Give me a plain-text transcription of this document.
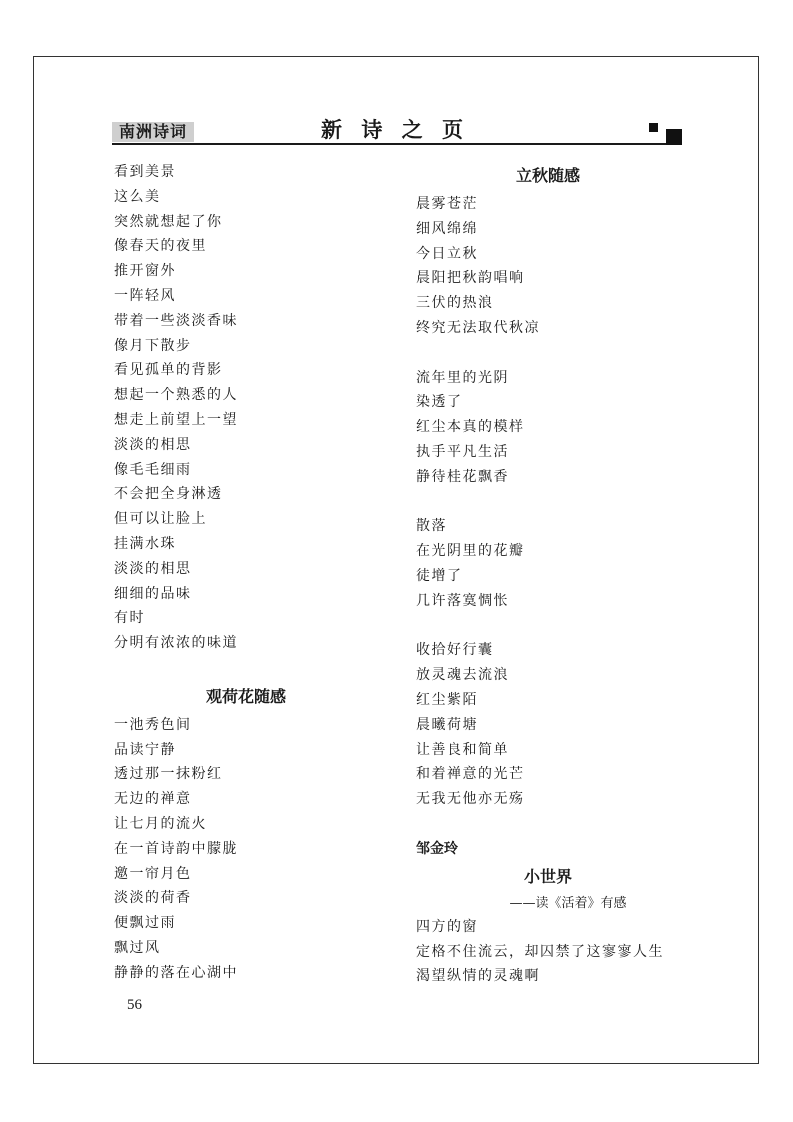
南洲诗词	新 诗 之 页
看到美景
这么美
突然就想起了你
像春天的夜里
推开窗外
一阵轻风
带着一些淡淡香味
像月下散步
看见孤单的背影
想起一个熟悉的人
想走上前望上一望
淡淡的相思
像毛毛细雨
不会把全身淋透
但可以让脸上
挂满水珠
淡淡的相思
细细的品味
有时
分明有浓浓的味道
观荷花随感
一池秀色间
品读宁静
透过那一抹粉红
无边的禅意
让七月的流火
在一首诗韵中朦胧
邀一帘月色
淡淡的荷香
便飘过雨
飘过风
静静的落在心湖中
立秋随感
晨雾苍茫
细风绵绵
今日立秋
晨阳把秋韵唱响
三伏的热浪
终究无法取代秋凉
流年里的光阴
染透了
红尘本真的模样
执手平凡生活
静待桂花飘香
散落
在光阴里的花瓣
徒增了
几许落寞惆怅
收拾好行囊
放灵魂去流浪
红尘紫陌
晨曦荷塘
让善良和简单
和着禅意的光芒
无我无他亦无殇
邹金玲
小世界
——读《活着》有感
四方的窗
定格不住流云，却囚禁了这寥寥人生
渴望纵情的灵魂啊
56
